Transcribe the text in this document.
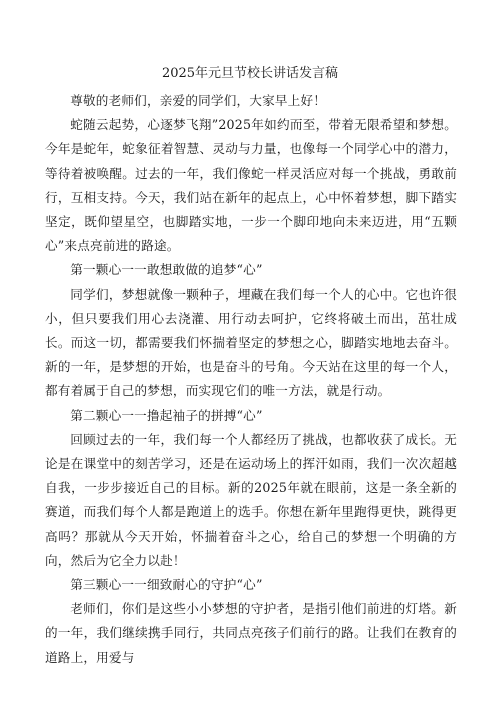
2025年元旦节校长讲话发言稿

尊敬的老师们，亲爱的同学们，大家早上好！

蛇随云起势，心逐梦飞翔”2025年如约而至，带着无限希望和梦想。今年是蛇年，蛇象征着智慧、灵动与力量，也像每一个同学心中的潜力，等待着被唤醒。过去的一年，我们像蛇一样灵活应对每一个挑战，勇敢前行，互相支持。今天，我们站在新年的起点上，心中怀着梦想，脚下踏实坚定，既仰望星空，也脚踏实地，一步一个脚印地向未来迈进，用“五颗心”来点亮前进的路途。

第一颗心一一敢想敢做的追梦“心”

同学们，梦想就像一颗种子，埋藏在我们每一个人的心中。它也许很小，但只要我们用心去浇灌、用行动去呵护，它终将破土而出，茁壮成长。而这一切，都需要我们怀揣着坚定的梦想之心，脚踏实地地去奋斗。新的一年，是梦想的开始，也是奋斗的号角。今天站在这里的每一个人，都有着属于自己的梦想，而实现它们的唯一方法，就是行动。

第二颗心一一撸起袖子的拼搏“心”

回顾过去的一年，我们每一个人都经历了挑战，也都收获了成长。无论是在课堂中的刻苦学习，还是在运动场上的挥汗如雨，我们一次次超越自我，一步步接近自己的目标。新的2025年就在眼前，这是一条全新的赛道，而我们每个人都是跑道上的选手。你想在新年里跑得更快，跳得更高吗？那就从今天开始，怀揣着奋斗之心，给自己的梦想一个明确的方向，然后为它全力以赴！

第三颗心一一细致耐心的守护“心”

老师们，你们是这些小小梦想的守护者，是指引他们前进的灯塔。新的一年，我们继续携手同行，共同点亮孩子们前行的路。让我们在教育的道路上，用爱与
